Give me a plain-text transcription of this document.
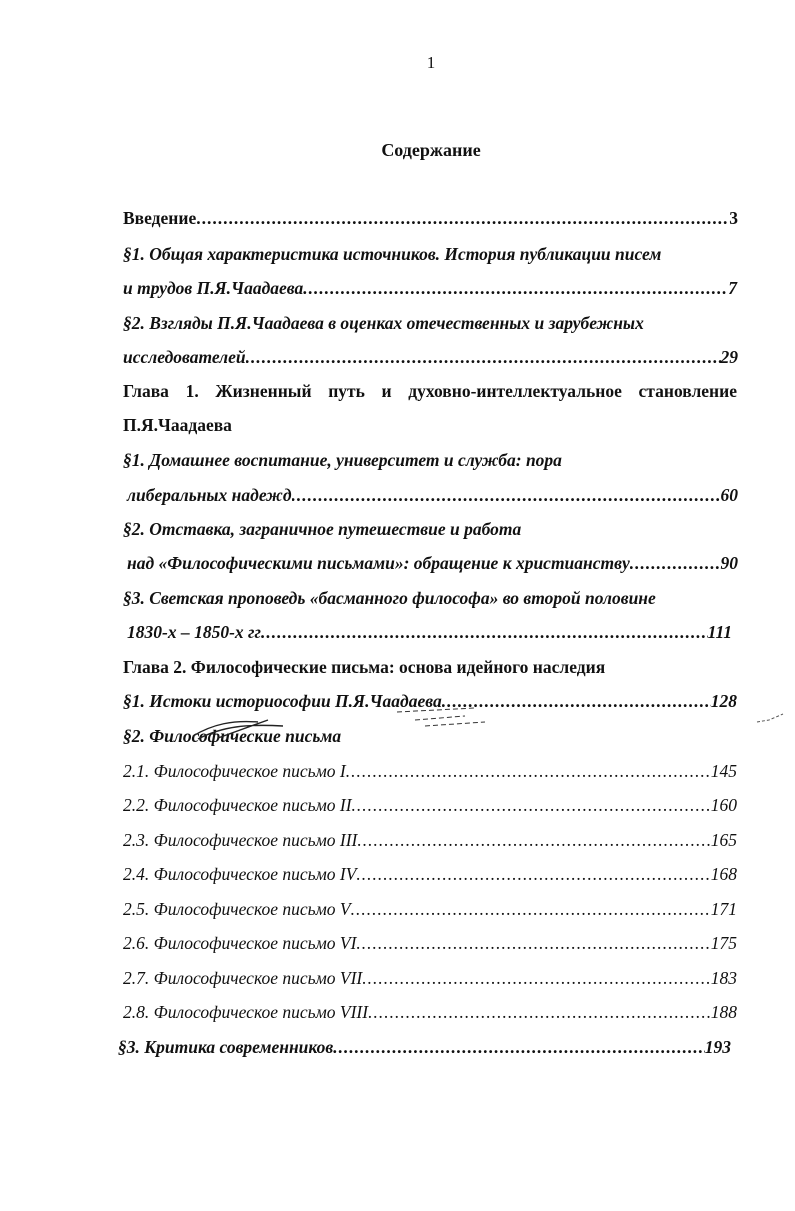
1
Содержание
Введение .....	3
§1. Общая характеристика источников. История публикации писем
и трудов П.Я.Чаадаева .....	7
§2. Взгляды П.Я.Чаадаева в оценках отечественных и зарубежных
исследователей .....	29
Глава 1. Жизненный путь и духовно-интеллектуальное становление
П.Я.Чаадаева
§1. Домашнее воспитание, университет и служба: пора
либеральных надежд .....	60
§2. Отставка, заграничное путешествие и работа
над «Философическими письмами»: обращение к христианству .....	90
§3. Светская проповедь «басманного философа» во второй половине
1830-х – 1850-х гг .....	111
Глава 2. Философические письма: основа идейного наследия
§1. Истоки историософии П.Я.Чаадаева .....	128
§2. Философические письма
2.1. Философическое письмо I .....	145
2.2. Философическое письмо II .....	160
2.3. Философическое письмо III .....	165
2.4. Философическое письмо IV .....	168
2.5. Философическое письмо V .....	171
2.6. Философическое письмо VI .....	175
2.7. Философическое письмо VII .....	183
2.8. Философическое письмо VIII .....	188
§3. Критика современников .....	193
